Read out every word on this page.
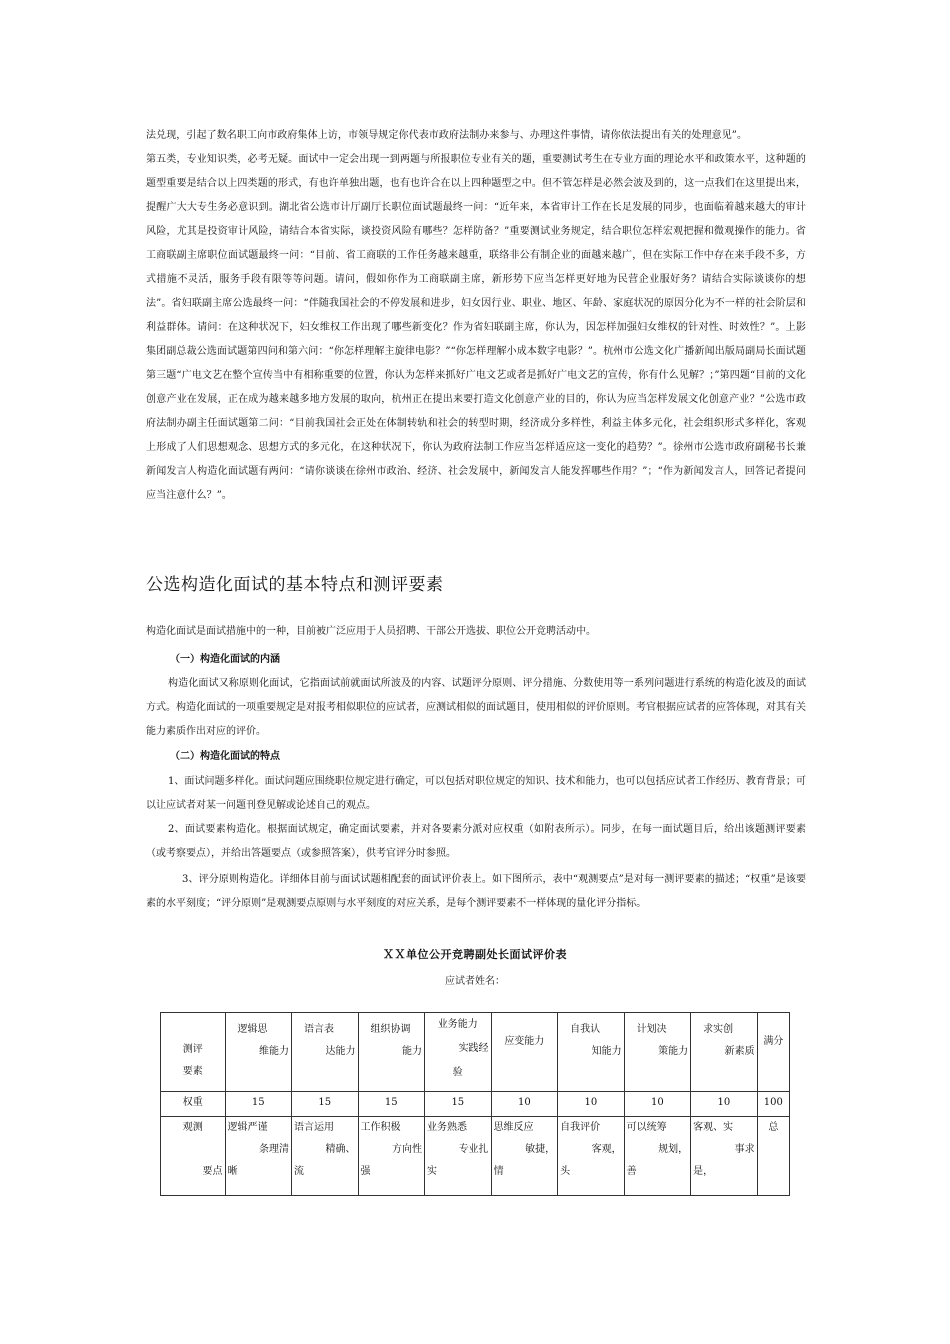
法兑现，引起了数名职工向市政府集体上访，市领导规定你代表市政府法制办来参与、办理这件事情，请你依法提出有关的处理意见”。
第五类，专业知识类，必考无疑。面试中一定会出现一到两题与所报职位专业有关的题，重要测试考生在专业方面的理论水平和政策水平，这种题的题型重要是结合以上四类题的形式，有也许单独出题，也有也许合在以上四种题型之中。但不管怎样是必然会波及到的，这一点我们在这里提出来，提醒广大大专生务必意识到。湖北省公选市计厅副厅长职位面试题最终一问：“近年来，本省审计工作在长足发展的同步，也面临着越来越大的审计风险，尤其是投资审计风险，请结合本省实际，谈投资风险有哪些？怎样防备？”重要测试业务规定，结合职位怎样宏观把握和微观操作的能力。省工商联副主席职位面试题最终一问：“目前、省工商联的工作任务越来越重，联络非公有制企业的面越来越广，但在实际工作中存在来手段不多，方式措施不灵活，服务手段有限等等问题。请问，假如你作为工商联副主席，新形势下应当怎样更好地为民营企业服好务？请结合实际谈谈你的想法”。省妇联副主席公选最终一问：“伴随我国社会的不停发展和进步，妇女因行业、职业、地区、年龄、家庭状况的原因分化为不一样的社会阶层和利益群体。请问：在这种状况下，妇女维权工作出现了哪些新变化？作为省妇联副主席，你认为，因怎样加强妇女维权的针对性、时效性？”。上影集团副总裁公选面试题第四问和第六问：“你怎样理解主旋律电影？”“你怎样理解小成本数字电影？”。杭州市公选文化广播新闻出版局副局长面试题第三题“广电文艺在整个宣传当中有相称重要的位置，你认为怎样来抓好广电文艺或者是抓好广电文艺的宣传，你有什么见解？；”第四题“目前的文化创意产业在发展，正在成为越来越多地方发展的取向，杭州正在提出来要打造文化创意产业的目的，你认为应当怎样发展文化创意产业？”公选市政府法制办副主任面试题第二问：“目前我国社会正处在体制转轨和社会的转型时期，经济成分多样性，利益主体多元化，社会组织形式多样化，客观上形成了人们思想观念、思想方式的多元化，在这种状况下，你认为政府法制工作应当怎样适应这一变化的趋势？”。徐州市公选市政府副秘书长兼新闻发言人构造化面试题有两问：“请你谈谈在徐州市政治、经济、社会发展中，新闻发言人能发挥哪些作用？”；“作为新闻发言人，回答记者提问应当注意什么？”。
公选构造化面试的基本特点和测评要素
构造化面试是面试措施中的一种，目前被广泛应用于人员招聘、干部公开选拔、职位公开竞聘活动中。
（一）构造化面试的内涵
构造化面试又称原则化面试，它指面试前就面试所波及的内容、试题评分原则、评分措施、分数使用等一系列问题进行系统的构造化波及的面试方式。构造化面试的一项重要规定是对报考相似职位的应试者，应测试相似的面试题目，使用相似的评价原则。考官根据应试者的应答体现，对其有关能力素质作出对应的评价。
（二）构造化面试的特点
1、面试问题多样化。面试问题应围绕职位规定进行确定，可以包括对职位规定的知识、技术和能力，也可以包括应试者工作经历、教育背景；可以让应试者对某一问题刊登见解或论述自己的观点。
2、面试要素构造化。根据面试规定，确定面试要素，并对各要素分派对应权重（如附表所示）。同步，在每一面试题目后，给出该题测评要素（或考察要点），并给出答题要点（或参照答案），供考官评分时参照。
3、评分原则构造化。详细体目前与面试试题相配套的面试评价表上。如下图所示，表中“观测要点”是对每一测评要素的描述；“权重”是该要素的水平刻度；“评分原则”是观测要点原则与水平刻度的对应关系，是每个测评要素不一样体现的量化评分指标。
ＸＸ单位公开竞聘副处长面试评价表
应试者姓名：
测评
要素	逻辑思
维能力	语言表
达能力	组织协调
能力	业务能力
实践经
验	应变能力	自我认
知能力	计划决
策能力	求实创
新素质	满分

权重	15	15	15	15	10	10	10	10	100

观测

要点	逻辑严谨
条理清
晰	语言运用
精确、
流	工作积极
方向性
强	业务熟悉
专业扎
实	思维反应
敏捷，
情	自我评价
客观，
头	可以统筹
规划，
善	客观、实
事求
是，	总
